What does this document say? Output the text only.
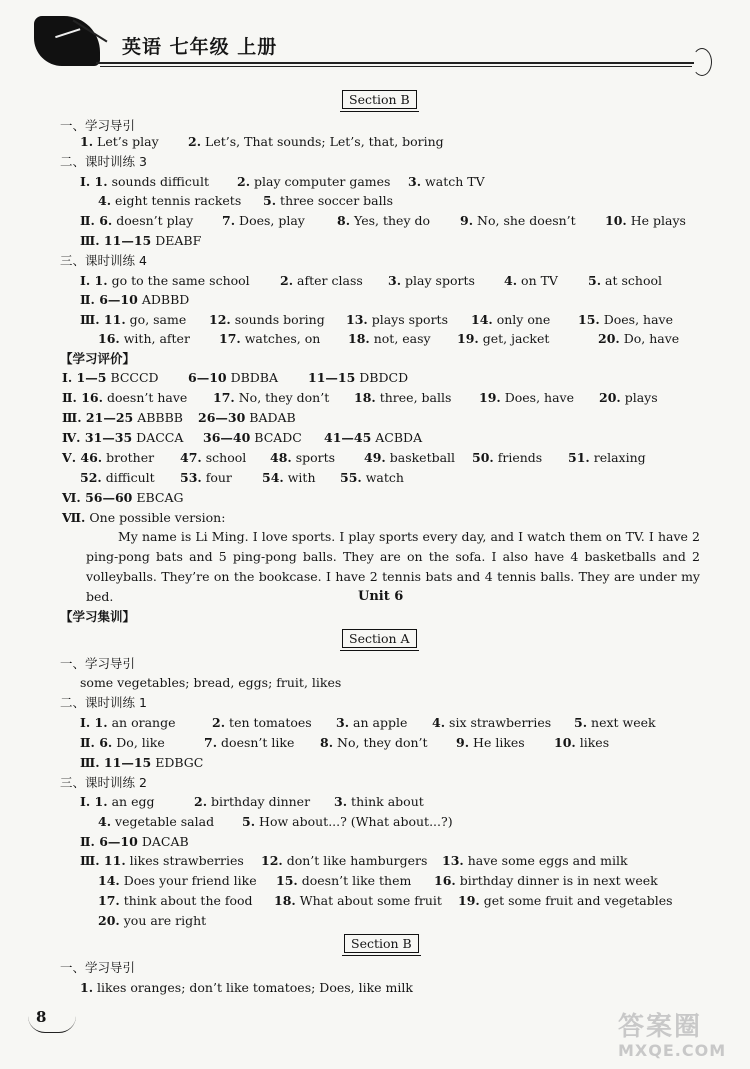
英语 七年级 上册
Section B
一、学习导引
1. Let’s play 2. Let’s, That sounds; Let’s, that, boring
二、课时训练 3
Ⅰ. 1. sounds difficult 2. play computer games 3. watch TV
4. eight tennis rackets 5. three soccer balls
Ⅱ. 6. doesn’t play 7. Does, play	8. Yes, they do 9. No, she doesn’t 10. He plays
Ⅲ. 11—15 DEABF
三、课时训练 4
Ⅰ. 1. go to the same school 2. after class 3. play sports 4. on TV 5. at school
Ⅱ. 6—10 ADBBD
Ⅲ. 11. go, same 12. sounds boring 13. plays sports 14. only one 15. Does, have
16. with, after 17. watches, on 18. not, easy 19. get, jacket	20. Do, have
【学习评价】
Ⅰ. 1—5 BCCCD 6—10 DBDBA 11—15 DBDCD
Ⅱ. 16. doesn’t have 17. No, they don’t 18. three, balls 19. Does, have 20. plays
Ⅲ. 21—25 ABBBB 26—30 BADAB
Ⅳ. 31—35 DACCA 36—40 BCADC 41—45 ACBDA
Ⅴ. 46. brother 47. school 48. sports 49. basketball 50. friends 51. relaxing
52. difficult 53. four 54. with 55. watch
Ⅵ. 56—60 EBCAG
Ⅶ. One possible version:
My name is Li Ming. I love sports. I play sports every day, and I watch them on TV. I have 2 ping-pong bats and 5 ping-pong balls. They are on the sofa. I also have 4 basketballs and 2 volleyballs. They’re on the bookcase. I have 2 tennis bats and 4 tennis balls. They are under my bed.	Unit 6
【学习集训】
Section A
一、学习导引
some vegetables; bread, eggs; fruit, likes
二、课时训练 1
Ⅰ. 1. an orange	2. ten tomatoes 3. an apple 4. six strawberries 5. next week
Ⅱ. 6. Do, like	7. doesn’t like 8. No, they don’t 9. He likes 10. likes
Ⅲ. 11—15 EDBGC
三、课时训练 2
Ⅰ. 1. an egg	2. birthday dinner 3. think about
4. vegetable salad 5. How about...? (What about...?)
Ⅱ. 6—10 DACAB
Ⅲ. 11. likes strawberries 12. don’t like hamburgers 13. have some eggs and milk
14. Does your friend like 15. doesn’t like them 16. birthday dinner is in next week
17. think about the food 18. What about some fruit 19. get some fruit and vegetables
20. you are right
Section B
一、学习导引
1. likes oranges; don’t like tomatoes; Does, like milk
8	答案圈
MXQE.COM
